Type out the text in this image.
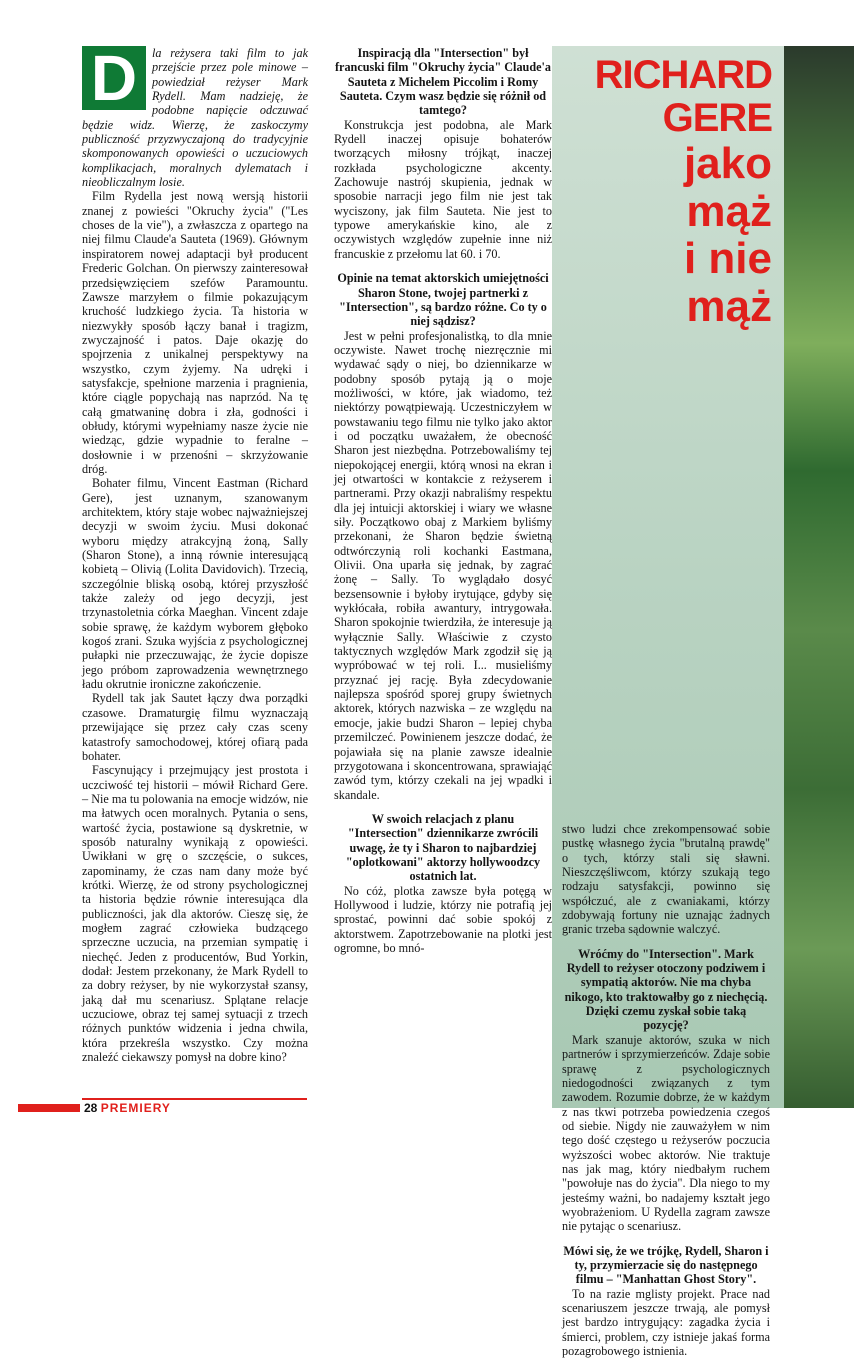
RICHARD
GERE
jako
mąż
i nie
mąż
D	la reżysera taki film to jak przejście przez pole minowe – powiedział reżyser Mark Rydell. Mam nadzieję, że podobne napięcie odczuwać będzie widz. Wierzę, że zaskoczymy publiczność przyzwyczajoną do tradycyjnie skomponowanych opowieści o uczuciowych komplikacjach, moralnych dylematach i nieobliczalnym losie.

Film Rydella jest nową wersją historii znanej z powieści "Okruchy życia" ("Les choses de la vie"), a zwłaszcza z opartego na niej filmu Claude'a Sauteta (1969). Głównym inspiratorem nowej adaptacji był producent Frederic Golchan. On pierwszy zainteresował przedsięwzięciem szefów Paramountu. Zawsze marzyłem o filmie pokazującym kruchość ludzkiego życia. Ta historia w niezwykły sposób łączy banał i tragizm, zwyczajność i patos. Daje okazję do spojrzenia z unikalnej perspektywy na wszystko, czym żyjemy. Na udręki i satysfakcje, spełnione marzenia i pragnienia, które ciągle popychają nas naprzód. Na tę całą gmatwaninę dobra i zła, godności i obłudy, którymi wypełniamy nasze życie nie wiedząc, gdzie wypadnie to feralne – dosłownie i w przenośni – skrzyżowanie dróg.

Bohater filmu, Vincent Eastman (Richard Gere), jest uznanym, szanowanym architektem, który staje wobec najważniejszej decyzji w swoim życiu. Musi dokonać wyboru między atrakcyjną żoną, Sally (Sharon Stone), a inną równie interesującą kobietą – Olivią (Lolita Davidovich). Trzecią, szczególnie bliską osobą, której przyszłość także zależy od jego decyzji, jest trzynastoletnia córka Maeghan. Vincent zdaje sobie sprawę, że każdym wyborem głęboko kogoś zrani. Szuka wyjścia z psychologicznej pułapki nie przeczuwając, że życie dopisze jego próbom zaprowadzenia wewnętrznego ładu okrutnie ironiczne zakończenie.

Rydell tak jak Sautet łączy dwa porządki czasowe. Dramaturgię filmu wyznaczają przewijające się przez cały czas sceny katastrofy samochodowej, której ofiarą pada bohater.

Fascynujący i przejmujący jest prostota i uczciwość tej historii – mówił Richard Gere. – Nie ma tu polowania na emocje widzów, nie ma łatwych ocen moralnych. Pytania o sens, wartość życia, postawione są dyskretnie, w sposób naturalny wynikają z opowieści. Uwikłani w grę o szczęście, o sukces, zapominamy, że czas nam dany może być krótki. Wierzę, że od strony psychologicznej ta historia będzie równie interesująca dla publiczności, jak dla aktorów. Cieszę się, że mogłem zagrać człowieka budzącego sprzeczne uczucia, na przemian sympatię i niechęć. Jeden z producentów, Bud Yorkin, dodał: Jestem przekonany, że Mark Rydell to za dobry reżyser, by nie wykorzystał szansy, jaką dał mu scenariusz. Splątane relacje uczuciowe, obraz tej samej sytuacji z trzech różnych punktów widzenia i jedna chwila, która przekreśla wszystko. Czy można znaleźć ciekawszy pomysł na dobre kino?

Inspiracją dla "Intersection" był francuski film "Okruchy życia" Claude'a Sauteta z Michelem Piccolim i Romy Sauteta. Czym wasz będzie się różnił od tamtego?

Konstrukcja jest podobna, ale Mark Rydell inaczej opisuje bohaterów tworzących miłosny trójkąt, inaczej rozkłada psychologiczne akcenty. Zachowuje nastrój skupienia, jednak w sposobie narracji jego film nie jest tak wyciszony, jak film Sauteta. Nie jest to typowe amerykańskie kino, ale z oczywistych względów zupełnie inne niż francuskie z przełomu lat 60. i 70.

Opinie na temat aktorskich umiejętności Sharon Stone, twojej partnerki z "Intersection", są bardzo różne. Co ty o niej sądzisz?

Jest w pełni profesjonalistką, to dla mnie oczywiste. Nawet trochę niezręcznie mi wydawać sądy o niej, bo dziennikarze w podobny sposób pytają ją o moje możliwości, w które, jak wiadomo, też niektórzy powątpiewają. Uczestniczyłem w powstawaniu tego filmu nie tylko jako aktor i od początku uważałem, że obecność Sharon jest niezbędna. Potrzebowaliśmy tej niepokojącej energii, którą wnosi na ekran i jej otwartości w kontakcie z reżyserem i partnerami. Przy okazji nabraliśmy respektu dla jej intuicji aktorskiej i wiary we własne siły. Początkowo obaj z Markiem byliśmy przekonani, że Sharon będzie świetną odtwórczynią roli kochanki Eastmana, Olivii. Ona uparła się jednak, by zagrać żonę – Sally. To wyglądało dosyć bezsensownie i byłoby irytujące, gdyby się wykłócała, robiła awantury, intrygowała. Sharon spokojnie twierdziła, że interesuje ją wyłącznie Sally. Właściwie z czysto taktycznych względów Mark zgodził się ją wypróbować w tej roli. I... musieliśmy przyznać jej rację. Była zdecydowanie najlepsza spośród sporej grupy świetnych aktorek, których nazwiska – ze względu na emocje, jakie budzi Sharon – lepiej chyba przemilczeć. Powinienem jeszcze dodać, że pojawiała się na planie zawsze idealnie przygotowana i skoncentrowana, sprawiająć zawód tym, którzy czekali na jej wpadki i skandale.

W swoich relacjach z planu "Intersection" dziennikarze zwrócili uwagę, że ty i Sharon to najbardziej "oplotkowani" aktorzy hollywoodzcy ostatnich lat.

No cóż, plotka zawsze była potęgą w Hollywood i ludzie, którzy nie potrafią jej sprostać, powinni dać sobie spokój z aktorstwem. Zapotrzebowanie na plotki jest ogromne, bo mnó-

stwo ludzi chce zrekompensować sobie pustkę własnego życia "brutalną prawdę" o tych, którzy stali się sławni. Nieszczęśliwcom, którzy szukają tego rodzaju satysfakcji, powinno się współczuć, ale z cwaniakami, którzy zdobywają fortuny nie uznając żadnych granic trzeba sądownie walczyć.

Wróćmy do "Intersection". Mark Rydell to reżyser otoczony podziwem i sympatią aktorów. Nie ma chyba nikogo, kto traktowałby go z niechęcią. Dzięki czemu zyskał sobie taką pozycję?

Mark szanuje aktorów, szuka w nich partnerów i sprzymierzeńców. Zdaje sobie sprawę z psychologicznych niedogodności związanych z tym zawodem. Rozumie dobrze, że w każdym z nas tkwi potrzeba powiedzenia czegoś od siebie. Nigdy nie zauważyłem w nim tego dość częstego u reżyserów poczucia wyższości wobec aktorów. Nie traktuje nas jak mag, który niedbałym ruchem "powołuje nas do życia". Dla niego to my jesteśmy ważni, bo nadajemy kształt jego wyobrażeniom. U Rydella zagram zawsze nie pytając o scenariusz.

Mówi się, że we trójkę, Rydell, Sharon i ty, przymierzacie się do następnego filmu – "Manhattan Ghost Story".

To na razie mglisty projekt. Prace nad scenariuszem jeszcze trwają, ale pomysł jest bardzo intrygujący: zagadka życia i śmierci, problem, czy istnieje jakaś forma pozagrobowego istnienia.

28 PREMIERY
